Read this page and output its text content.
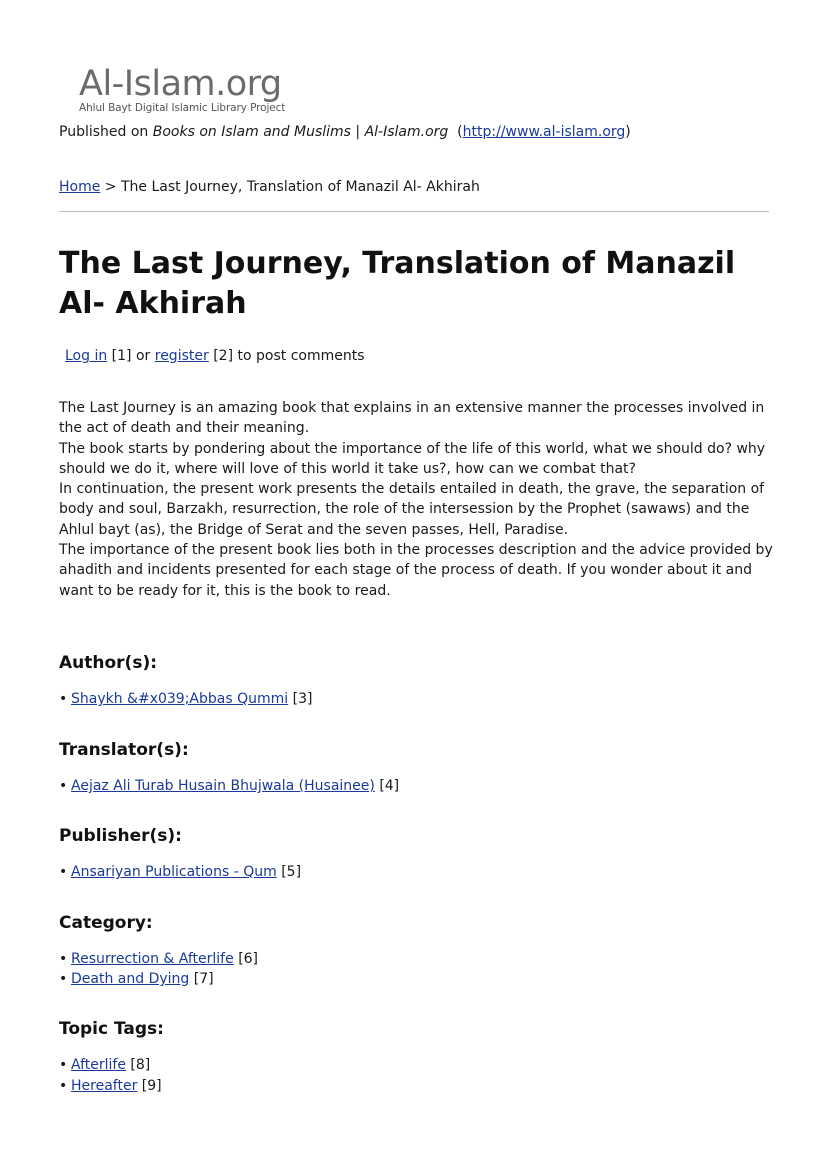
Al-Islam.org
Ahlul Bayt Digital Islamic Library Project
Published on Books on Islam and Muslims | Al-Islam.org  (http://www.al-islam.org)
Home > The Last Journey, Translation of Manazil Al- Akhirah
The Last Journey, Translation of Manazil Al- Akhirah
Log in [1] or register [2] to post comments

The Last Journey is an amazing book that explains in an extensive manner the processes involved in the act of death and their meaning.

The book starts by pondering about the importance of the life of this world, what we should do? why should we do it, where will love of this world it take us?, how can we combat that?

In continuation, the present work presents the details entailed in death, the grave, the separation of body and soul, Barzakh, resurrection, the role of the intersession by the Prophet (sawaws) and the Ahlul bayt (as), the Bridge of Serat and the seven passes, Hell, Paradise.

The importance of the present book lies both in the processes description and the advice provided by ahadith and incidents presented for each stage of the process of death. If you wonder about it and want to be ready for it, this is the book to read.

Author(s):
• Shaykh &#x039;Abbas Qummi [3]
Translator(s):
• Aejaz Ali Turab Husain Bhujwala (Husainee) [4]
Publisher(s):
• Ansariyan Publications - Qum [5]
Category:
• Resurrection & Afterlife [6]
• Death and Dying [7]
Topic Tags:
• Afterlife [8]
• Hereafter [9]
